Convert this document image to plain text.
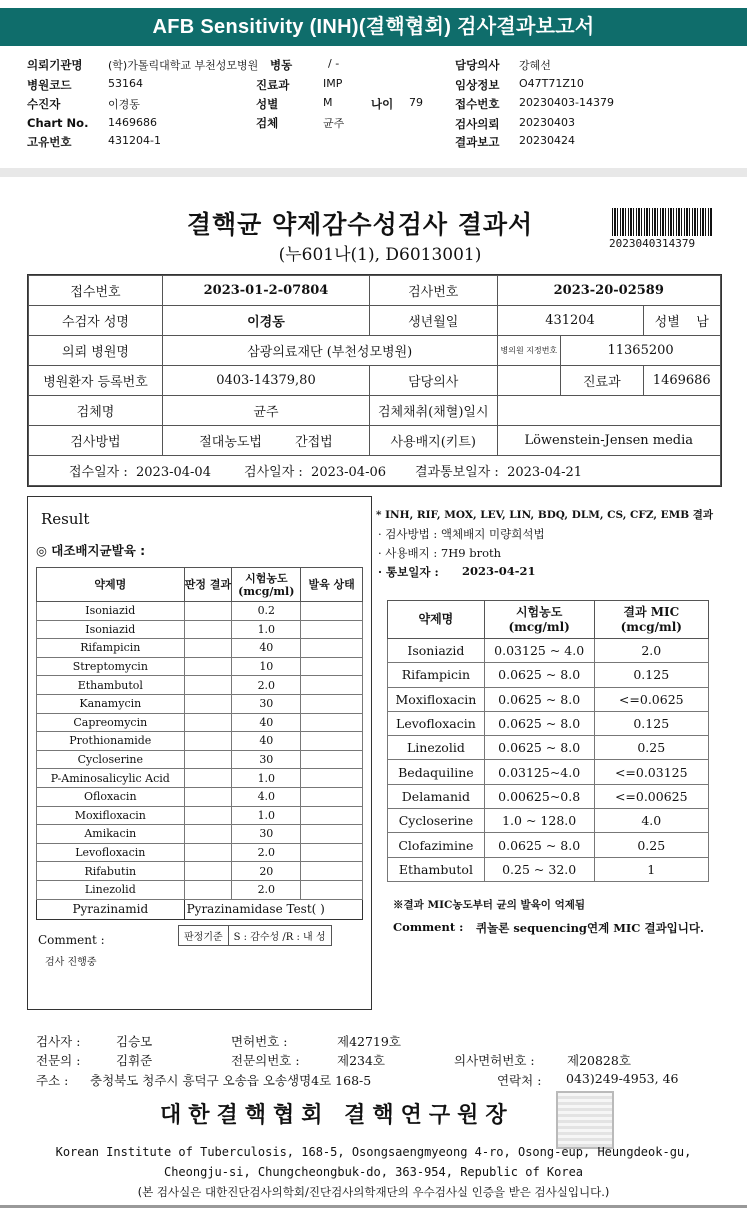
AFB Sensitivity (INH)(결핵협회) 검사결과보고서
의뢰기관명 (학)가톨릭대학교 부천성모병원
병원코드	53164
수진자	이경동
Chart No. 1469686
고유번호	431204-1
병동	/ -
진료과	IMP
성별	M	나이 79
검체	균주
담당의사 강혜선
임상정보 O47T71Z10
접수번호 20230403-14379
검사의뢰 20230403
결과보고 20230424
결핵균 약제감수성검사 결과서
(누601나(1), D6013001)
2023040314379
접수번호	2023-01-2-07804	검사번호	2023-20-02589		
수검자 성명	이경동	생년월일	431204		성별 남
의뢰 병원명	삼광의료재단 (부천성모병원)		병의원 지정번호	11365200	
병원환자 등록번호	0403-14379,80	담당의사		진료과	1469686
검체명	균주	검체채취(채혈)일시			
검사방법	절대농도법 간접법	사용배지(키트)	Löwenstein-Jensen media		
접수일자 : 2023-04-04 검사일자 : 2023-04-06 결과통보일자 : 2023-04-21					
Result
◎ 대조배지균발육 :
약제명	판정 결과	시험농도 (mcg/ml)	발육 상태
Isoniazid		0.2	
Isoniazid		1.0	
Rifampicin		40	
Streptomycin		10	
Ethambutol		2.0	
Kanamycin		30	
Capreomycin		40	
Prothionamide		40	
Cycloserine		30	
P-Aminosalicylic Acid		1.0	
Ofloxacin		4.0	
Moxifloxacin		1.0	
Amikacin		30	
Levofloxacin		2.0	
Rifabutin		20	
Linezolid		2.0	
Pyrazinamid	Pyrazinamidase Test( )		
판정기준	S : 감수성 /R : 내 성
Comment :
검사 진행중
* INH, RIF, MOX, LEV, LIN, BDQ, DLM, CS, CFZ, EMB 결과
· 검사방법 : 액체배지 미량희석법
· 사용배지 : 7H9 broth
· 통보일자 : 2023-04-21
약제명	시험농도 (mcg/ml)	결과 MIC (mcg/ml)
Isoniazid	0.03125 ~ 4.0	2.0
Rifampicin	0.0625 ~ 8.0	0.125
Moxifloxacin	0.0625 ~ 8.0	<=0.0625
Levofloxacin	0.0625 ~ 8.0	0.125
Linezolid	0.0625 ~ 8.0	0.25
Bedaquiline	0.03125~4.0	<=0.03125
Delamanid	0.00625~0.8	<=0.00625
Cycloserine	1.0 ~ 128.0	4.0
Clofazimine	0.0625 ~ 8.0	0.25
Ethambutol	0.25 ~ 32.0	1
※결과 MIC농도부터 균의 발육이 억제됨
Comment : 퀴놀론 sequencing연계 MIC 결과입니다.
검사자 :	김승모	면허번호 :	제42719호
전문의 :	김휘준	전문의번호 :	제234호	의사면허번호 :	제20828호
주소 : 충청북도 청주시 흥덕구 오송읍 오송생명4로 168-5	연락처 : 043)249-4953, 46
대한결핵협회 결핵연구원장
Korean Institute of Tuberculosis, 168-5, Osongsaengmyeong 4-ro, Osong-eup, Heungdeok-gu,
Cheongju-si, Chungcheongbuk-do, 363-954, Republic of Korea
(본 검사실은 대한진단검사의학회/진단검사의학재단의 우수검사실 인증을 받은 검사실입니다.)
